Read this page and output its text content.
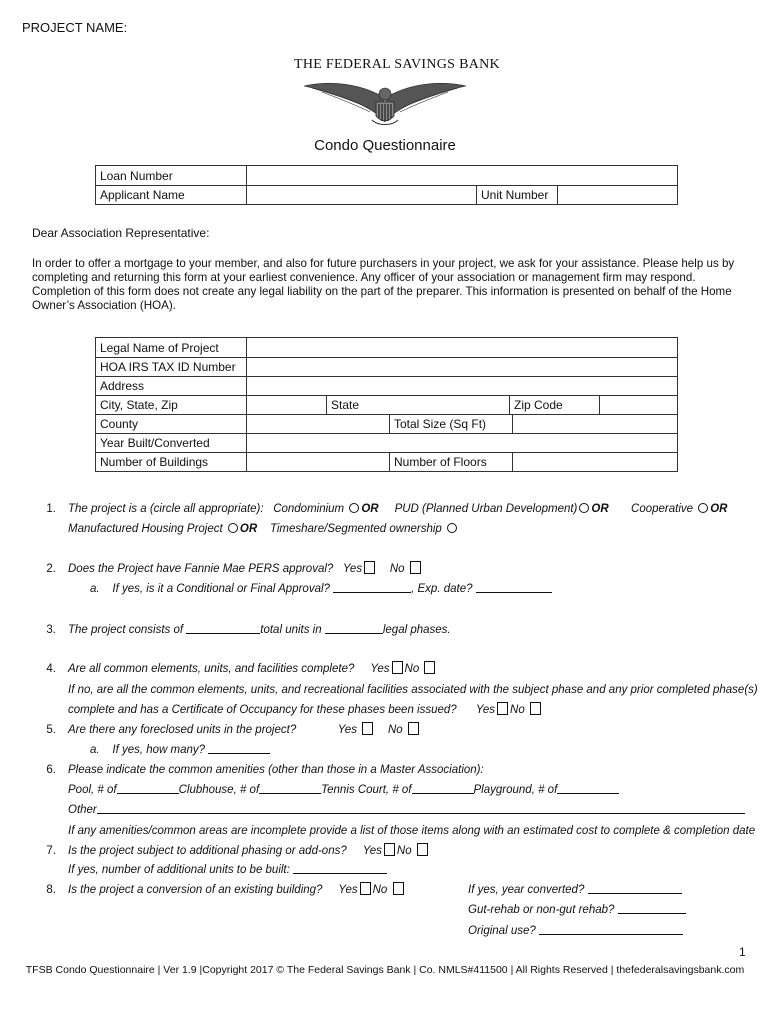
PROJECT NAME:
THE FEDERAL SAVINGS BANK
Condo Questionnaire
Loan Number
Applicant Name	Unit Number
Dear Association Representative:
In order to offer a mortgage to your member, and also for future purchasers in your project, we ask for your assistance. Please help us by
completing and returning this form at your earliest convenience. Any officer of your association or management firm may respond.
Completion of this form does not create any legal liability on the part of the preparer. This information is presented on behalf of the Home
Owner’s Association (HOA).
Legal Name of Project
HOA IRS TAX ID Number
Address
City, State, Zip	State	Zip Code
County	Total Size (Sq Ft)
Year Built/Converted
Number of Buildings	Number of Floors
1. The project is a (circle all appropriate): Condominium OR PUD (Planned Urban Development) OR Cooperative OR
Manufactured Housing Project OR Timeshare/Segmented ownership
2. Does the Project have Fannie Mae PERS approval? Yes No
a. If yes, is it a Conditional or Final Approval?	, Exp. date?
3. The project consists of	total units in	legal phases.
4. Are all common elements, units, and facilities complete? Yes No
If no, are all the common elements, units, and recreational facilities associated with the subject phase and any prior completed phase(s)
complete and has a Certificate of Occupancy for these phases been issued? Yes No
5. Are there any foreclosed units in the project?	Yes	No
a. If yes, how many?
6. Please indicate the common amenities (other than those in a Master Association):
Pool, # of	Clubhouse, # of	Tennis Court, # of	Playground, # of
Other
If any amenities/common areas are incomplete provide a list of those items along with an estimated cost to complete & completion date
7. Is the project subject to additional phasing or add-ons? Yes No
If yes, number of additional units to be built:
8. Is the project a conversion of an existing building? Yes No	If yes, year converted?
Gut-rehab or non-gut rehab?
Original use?
1
TFSB Condo Questionnaire | Ver 1.9 |Copyright 2017 © The Federal Savings Bank | Co. NMLS#411500 | All Rights Reserved | thefederalsavingsbank.com
